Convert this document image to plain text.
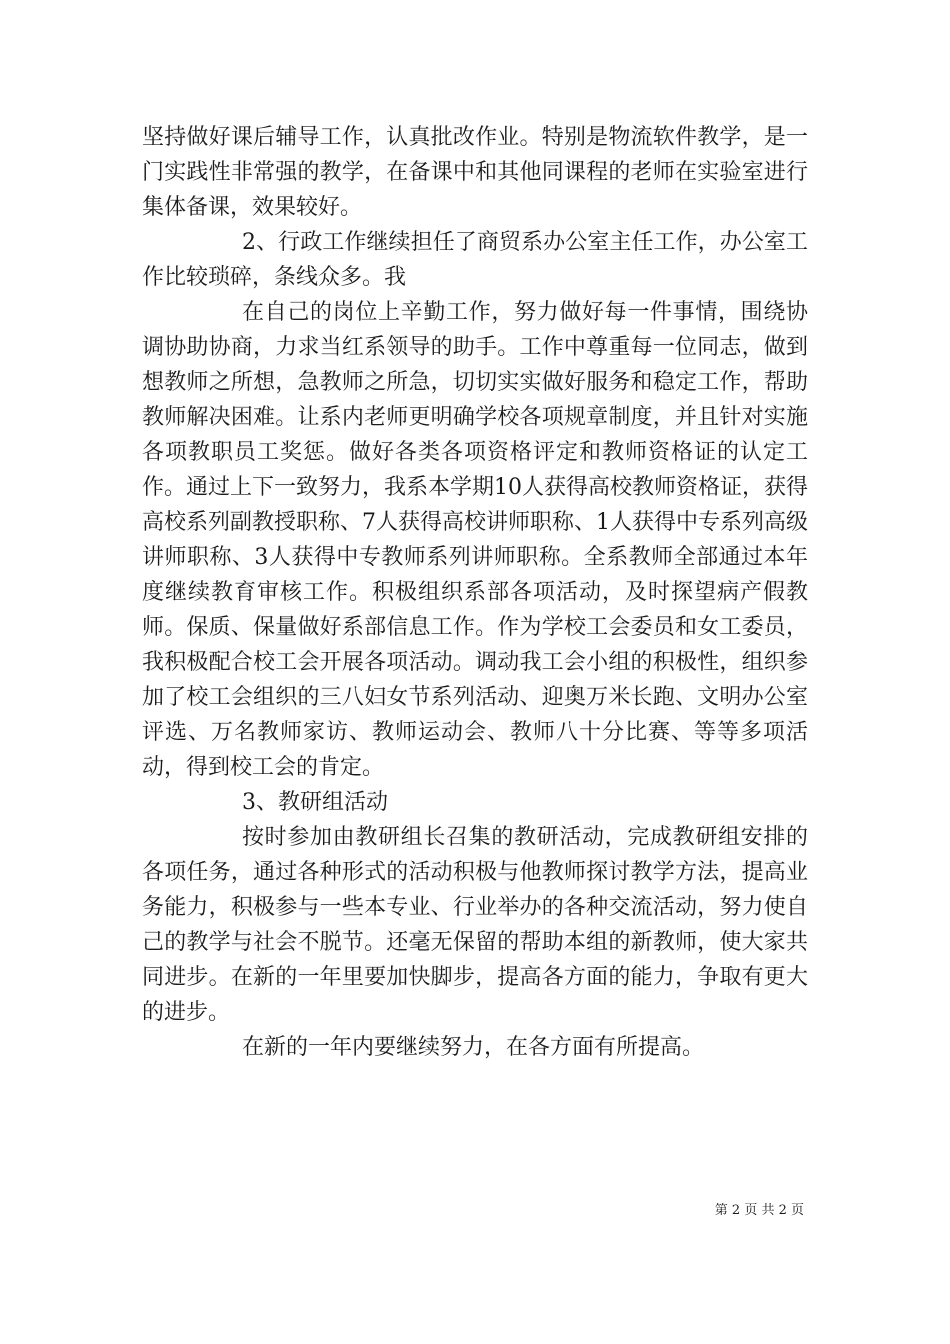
坚持做好课后辅导工作，认真批改作业。特别是物流软件教学，是一门实践性非常强的教学，在备课中和其他同课程的老师在实验室进行集体备课，效果较好。

2、行政工作继续担任了商贸系办公室主任工作，办公室工作比较琐碎，条线众多。我

在自己的岗位上辛勤工作，努力做好每一件事情，围绕协调协助协商，力求当红系领导的助手。工作中尊重每一位同志，做到想教师之所想，急教师之所急，切切实实做好服务和稳定工作，帮助教师解决困难。让系内老师更明确学校各项规章制度，并且针对实施各项教职员工奖惩。做好各类各项资格评定和教师资格证的认定工作。通过上下一致努力，我系本学期10人获得高校教师资格证，获得高校系列副教授职称、7人获得高校讲师职称、1人获得中专系列高级讲师职称、3人获得中专教师系列讲师职称。全系教师全部通过本年度继续教育审核工作。积极组织系部各项活动，及时探望病产假教师。保质、保量做好系部信息工作。作为学校工会委员和女工委员，我积极配合校工会开展各项活动。调动我工会小组的积极性，组织参加了校工会组织的三八妇女节系列活动、迎奥万米长跑、文明办公室评选、万名教师家访、教师运动会、教师八十分比赛、等等多项活动，得到校工会的肯定。

3、教研组活动

按时参加由教研组长召集的教研活动，完成教研组安排的各项任务，通过各种形式的活动积极与他教师探讨教学方法，提高业务能力，积极参与一些本专业、行业举办的各种交流活动，努力使自己的教学与社会不脱节。还毫无保留的帮助本组的新教师，使大家共同进步。在新的一年里要加快脚步，提高各方面的能力，争取有更大的进步。

在新的一年内要继续努力，在各方面有所提高。

第 2 页 共 2 页
